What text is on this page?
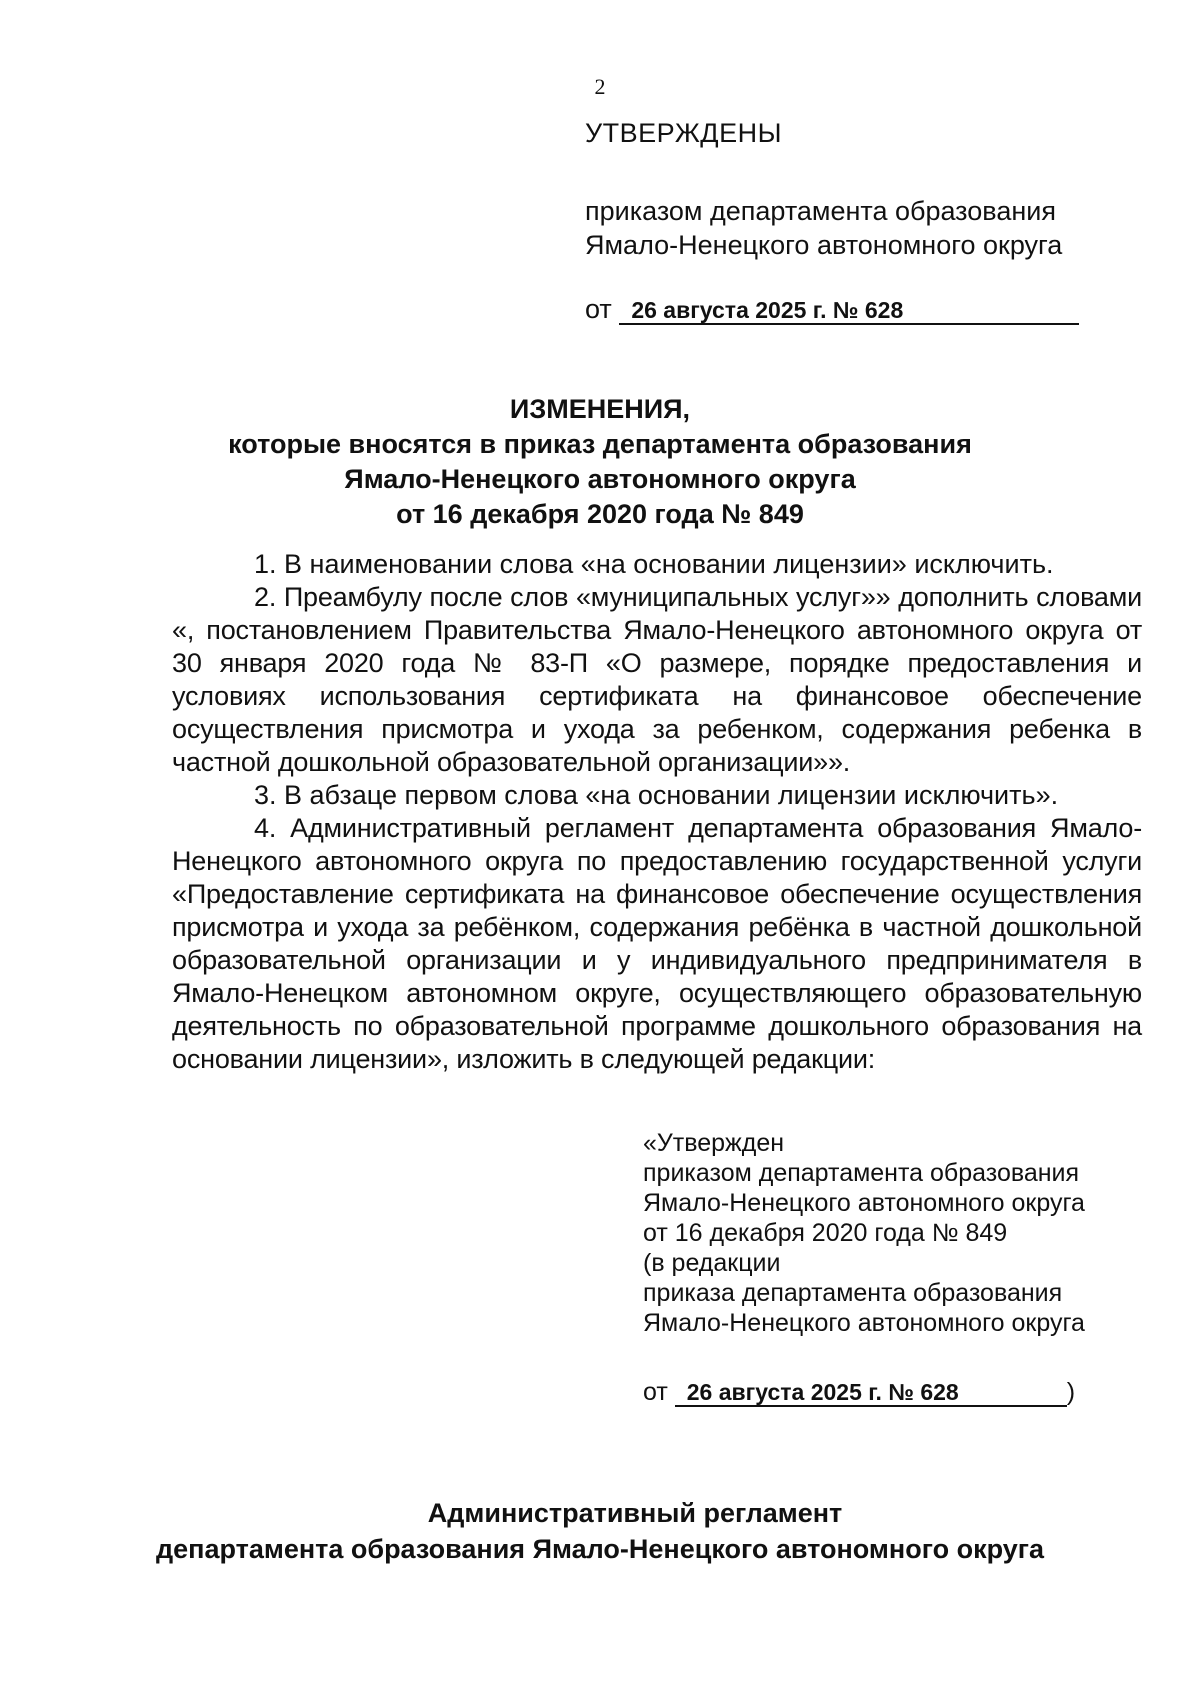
2
УТВЕРЖДЕНЫ
приказом департамента образования
Ямало-Ненецкого автономного округа
от 26 августа 2025 г. № 628
ИЗМЕНЕНИЯ,
которые вносятся в приказ департамента образования
Ямало-Ненецкого автономного округа
от 16 декабря 2020 года № 849

1. В наименовании слова «на основании лицензии» исключить.

2. Преамбулу после слов «муниципальных услуг»» дополнить словами «, постановлением Правительства Ямало-Ненецкого автономного округа от 30 января 2020 года № 83-П «О размере, порядке предоставления и условиях использования сертификата на финансовое обеспечение осуществления присмотра и ухода за ребенком, содержания ребенка в частной дошкольной образовательной организации»».

3. В абзаце первом слова «на основании лицензии исключить».

4. Административный регламент департамента образования Ямало-Ненецкого автономного округа по предоставлению государственной услуги «Предоставление сертификата на финансовое обеспечение осуществления присмотра и ухода за ребёнком, содержания ребёнка в частной дошкольной образовательной организации и у индивидуального предпринимателя в Ямало-Ненецком автономном округе, осуществляющего образовательную деятельность по образовательной программе дошкольного образования на основании лицензии», изложить в следующей редакции:

«Утвержден
приказом департамента образования
Ямало-Ненецкого автономного округа
от 16 декабря 2020 года № 849
(в редакции
приказа департамента образования
Ямало-Ненецкого автономного округа
от 26 августа 2025 г. № 628	)
Административный регламент
департамента образования Ямало-Ненецкого автономного округа
